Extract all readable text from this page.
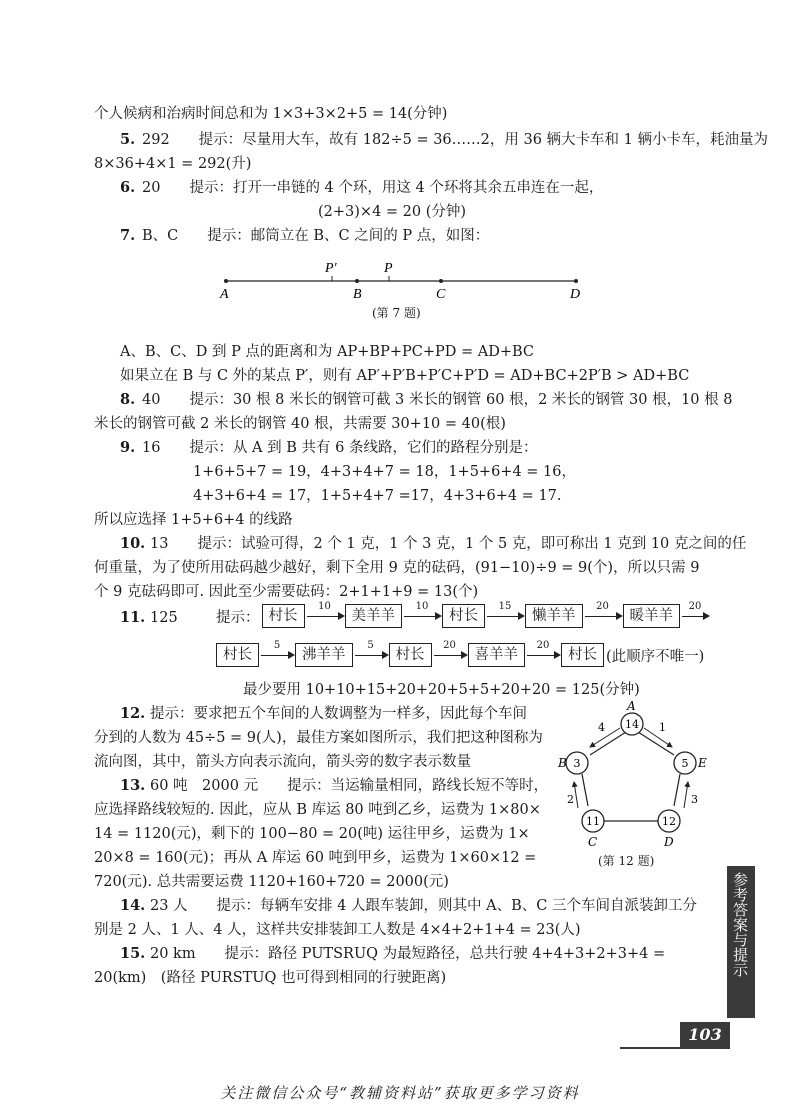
个人候病和治病时间总和为 1×3+3×2+5 = 14(分钟)
5. 292　　提示：尽量用大车，故有 182÷5 = 36……2，用 36 辆大卡车和 1 辆小卡车，耗油量为
8×36+4×1 = 292(升)
6. 20　　提示：打开一串链的 4 个环，用这 4 个环将其余五串连在一起，
(2+3)×4 = 20 (分钟)
7. B、C　　提示：邮筒立在 B、C 之间的 P 点，如图：
A	B	C	D
P′	P
(第 7 题)
A、B、C、D 到 P 点的距离和为 AP+BP+PC+PD = AD+BC
如果立在 B 与 C 外的某点 P′，则有 AP′+P′B+P′C+P′D = AD+BC+2P′B > AD+BC
8. 40　　提示：30 根 8 米长的钢管可截 3 米长的钢管 60 根，2 米长的钢管 30 根，10 根 8
米长的钢管可截 2 米长的钢管 40 根，共需要 30+10 = 40(根)
9. 16　　提示：从 A 到 B 共有 6 条线路，它们的路程分别是：
1+6+5+7 = 19，4+3+4+7 = 18，1+5+6+4 = 16，
4+3+6+4 = 17，1+5+4+7 =17，4+3+6+4 = 17.
所以应选择 1+5+6+4 的线路
10. 13　　提示：试验可得，2 个 1 克，1 个 3 克，1 个 5 克，即可称出 1 克到 10 克之间的任
何重量，为了使所用砝码越少越好，剩下全用 9 克的砝码，(91−10)÷9 = 9(个)，所以只需 9
个 9 克砝码即可. 因此至少需要砝码：2+1+1+9 = 13(个)
11. 125	提示： 村长
10
美羊羊
10
村长
15
懒羊羊
20
暖羊羊
20
村长
5
沸羊羊
5
村长
20
喜羊羊
20
村长 (此顺序不唯一)
最少要用 10+10+15+20+20+5+5+20+20 = 125(分钟)
12. 提示：要求把五个车间的人数调整为一样多，因此每个车间
分到的人数为 45÷5 = 9(人)，最佳方案如图所示，我们把这种图称为
流向图，其中，箭头方向表示流向，箭头旁的数字表示数量
14
3	5
11	12
A
B	E
C	D
4	1
2	3
(第 12 题)
13. 60 吨　2000 元　　提示：当运输量相同，路线长短不等时，
应选择路线较短的. 因此，应从 B 库运 80 吨到乙乡，运费为 1×80×
14 = 1120(元)，剩下的 100−80 = 20(吨) 运往甲乡，运费为 1×
20×8 = 160(元)；再从 A 库运 60 吨到甲乡，运费为 1×60×12 =
720(元). 总共需要运费 1120+160+720 = 2000(元)
14. 23 人　　提示：每辆车安排 4 人跟车装卸，则其中 A、B、C 三个车间自派装卸工分
别是 2 人、1 人、4 人，这样共安排装卸工人数是 4×4+2+1+4 = 23(人)
15. 20 km　　提示：路径 PUTSRUQ 为最短路径，总共行驶 4+4+3+2+3+4 =
20(km)　(路径 PURSTUQ 也可得到相同的行驶距离)
参考答案与提示
103
关注微信公众号“教辅资料站”获取更多学习资料
